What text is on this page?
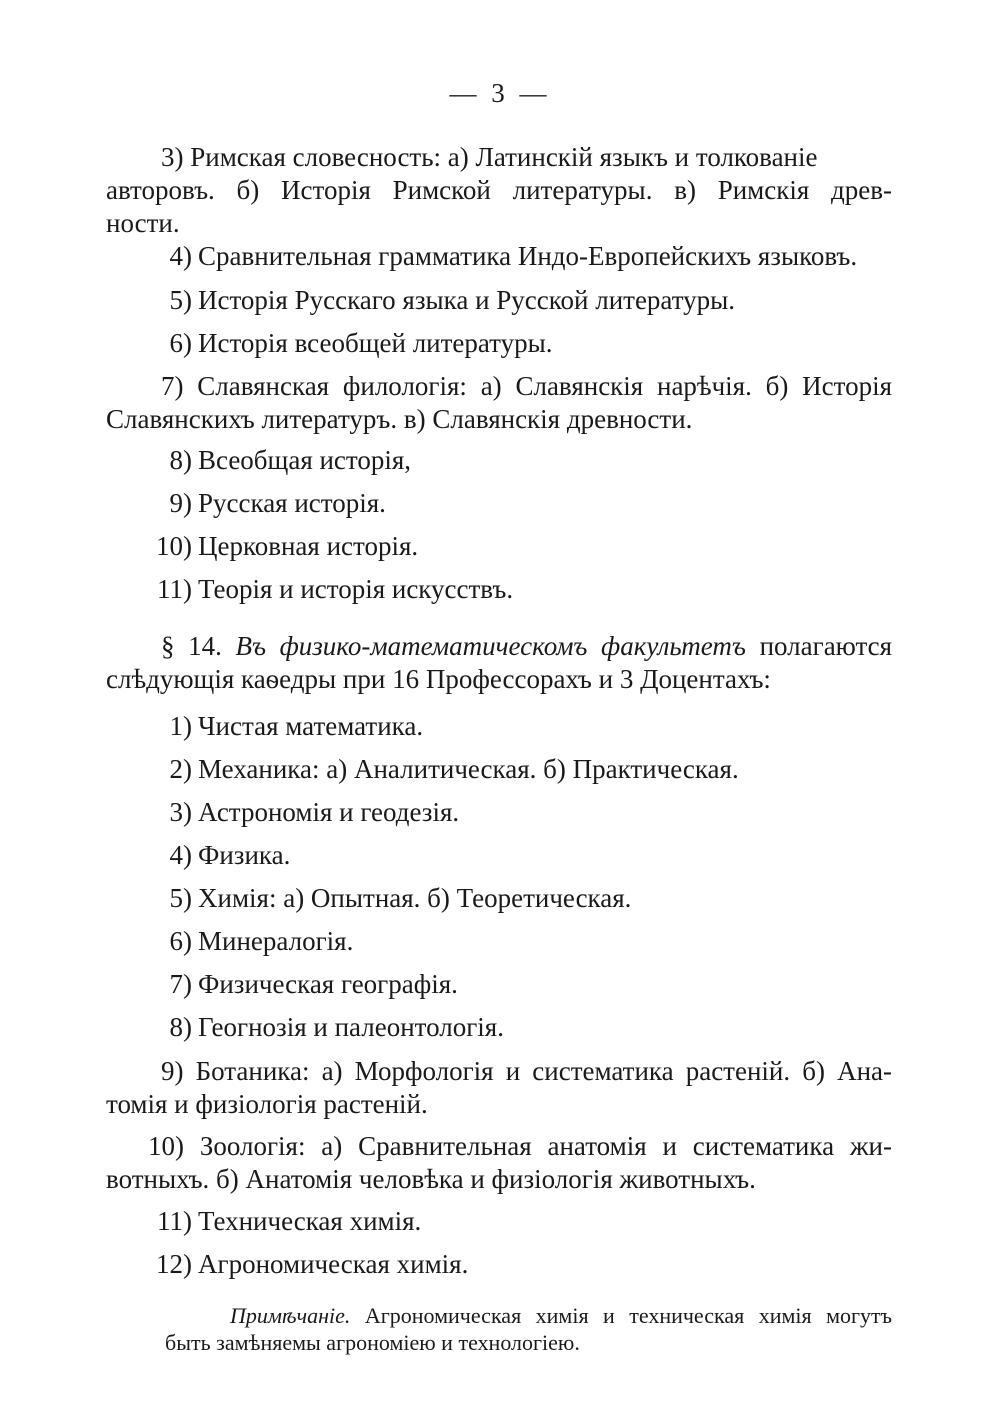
— 3 —
3) Римская словесность: а) Латинскій языкъ и толкованіе
авторовъ. б) Исторія Римской литературы. в) Римскія древ-
ности.
4) Сравнительная грамматика Индо-Европейскихъ языковъ.
5) Исторія Русскаго языка и Русской литературы.
6) Исторія всеобщей литературы.
7) Славянская филологія: а) Славянскія нарѣчія. б) Исторія
Славянскихъ литературъ. в) Славянскія древности.
8) Всеобщая исторія,
9) Русская исторія.
10) Церковная исторія.
11) Теорія и исторія искусствъ.
§ 14. Въ физико-математическомъ факультетъ полагаются
слѣдующія каѳедры при 16 Профессорахъ и 3 Доцентахъ:
1) Чистая математика.
2) Механика: а) Аналитическая. б) Практическая.
3) Астрономія и геодезія.
4) Физика.
5) Химія: а) Опытная. б) Теоретическая.
6) Минералогія.
7) Физическая географія.
8) Геогнозія и палеонтологія.
9) Ботаника: а) Морфологія и систематика растеній. б) Ана-
томія и физіологія растеній.
10) Зоологія: а) Сравнительная анатомія и систематика жи-
вотныхъ. б) Анатомія человѣка и физіологія животныхъ.
11) Техническая химія.
12) Агрономическая химія.
Примѣчаніе. Агрономическая химія и техническая химія могутъ
быть замѣняемы агрономіею и технологіею.
